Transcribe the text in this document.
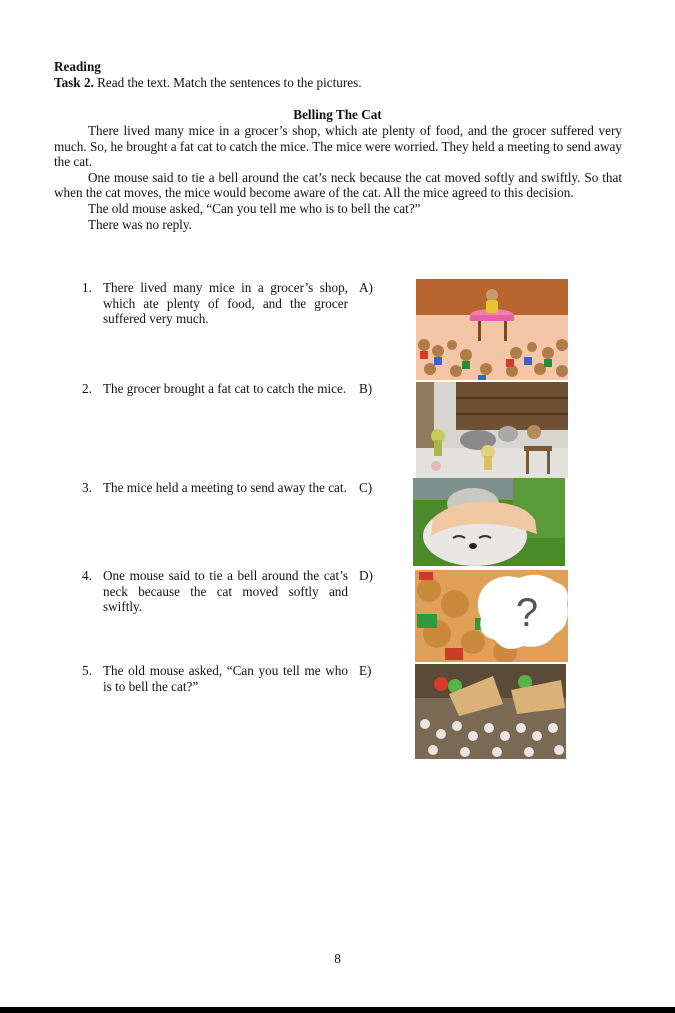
Reading
Task 2. Read the text. Match the sentences to the pictures.
Belling The Cat

There lived many mice in a grocer’s shop, which ate plenty of food, and the grocer suffered very much. So, he brought a fat cat to catch the mice. The mice were worried. They held a meeting to send away the cat.

One mouse said to tie a bell around the cat’s neck because the cat moved softly and swiftly. So that when the cat moves, the mice would become aware of the cat. All the mice agreed to this decision.

The old mouse asked, “Can you tell me who is to bell the cat?”

There was no reply.

1. There lived many mice in a grocer’s shop, which ate plenty of food, and the grocer suffered very much.
2. The grocer brought a fat cat to catch the mice.
3. The mice held a meeting to send away the cat.
4. One mouse said to tie a bell around the cat’s neck because the cat moved softly and swiftly.
5. The old mouse asked, “Can you tell me who is to bell the cat?”
A)
B)
C)
D)
E)
?
8
